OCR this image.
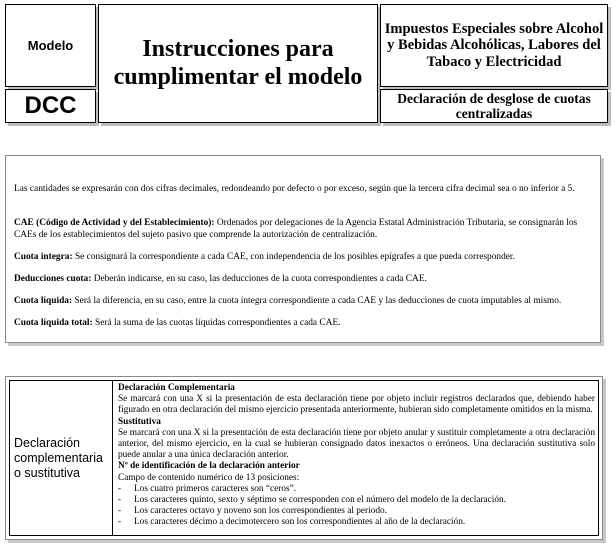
Modelo
DCC
Instrucciones para cumplimentar el modelo
Impuestos Especiales sobre Alcohol y Bebidas Alcohólicas, Labores del Tabaco y Electricidad
Declaración de desglose de cuotas centralizadas

Las cantidades se expresarán con dos cifras decimales, redondeando por defecto o por exceso, según que la tercera cifra decimal sea o no inferior a 5.

CAE (Código de Actividad y del Establecimiento): Ordenados por delegaciones de la Agencia Estatal Administración Tributaria, se consignarán los CAEs de los establecimientos del sujeto pasivo que comprende la autorización de centralización.

Cuota integra: Se consignará la correspondiente a cada CAE, con independencia de los posibles epígrafes a que pueda corresponder.

Deducciones cuota: Deberán indicarse, en su caso, las deducciones de la cuota correspondientes a cada CAE.

Cuota líquida: Será la diferencia, en su caso, entre la cuota íntegra correspondiente a cada CAE y las deducciones de cuota imputables al mismo.

Cuota líquida total: Será la suma de las cuotas líquidas correspondientes a cada CAE.

Declaración complementaria o sustitutiva

Declaración Complementaria

Se marcará con una X si la presentación de esta declaración tiene por objeto incluir registros declarados que, debiendo haber figurado en otra declaración del mismo ejercicio presentada anteriormente, hubieran sido completamente omitidos en la misma.

Sustitutiva

Se marcará con una X si la presentación de esta declaración tiene por objeto anular y sustituir completamente a otra declaración anterior, del mismo ejercicio, en la cual se hubieran consignado datos inexactos o erróneos. Una declaración sustitutiva solo puede anular a una única declaración anterior.

Nº de identificación de la declaración anterior

Campo de contenido numérico de 13 posiciones:

- Los cuatro primeros caracteres son “ceros”.
- Los caracteres quinto, sexto y séptimo se corresponden con el número del modelo de la declaración.
- Los caracteres octavo y noveno son los correspondientes al periodo.
- Los caracteres décimo a decimotercero son los correspondientes al año de la declaración.
